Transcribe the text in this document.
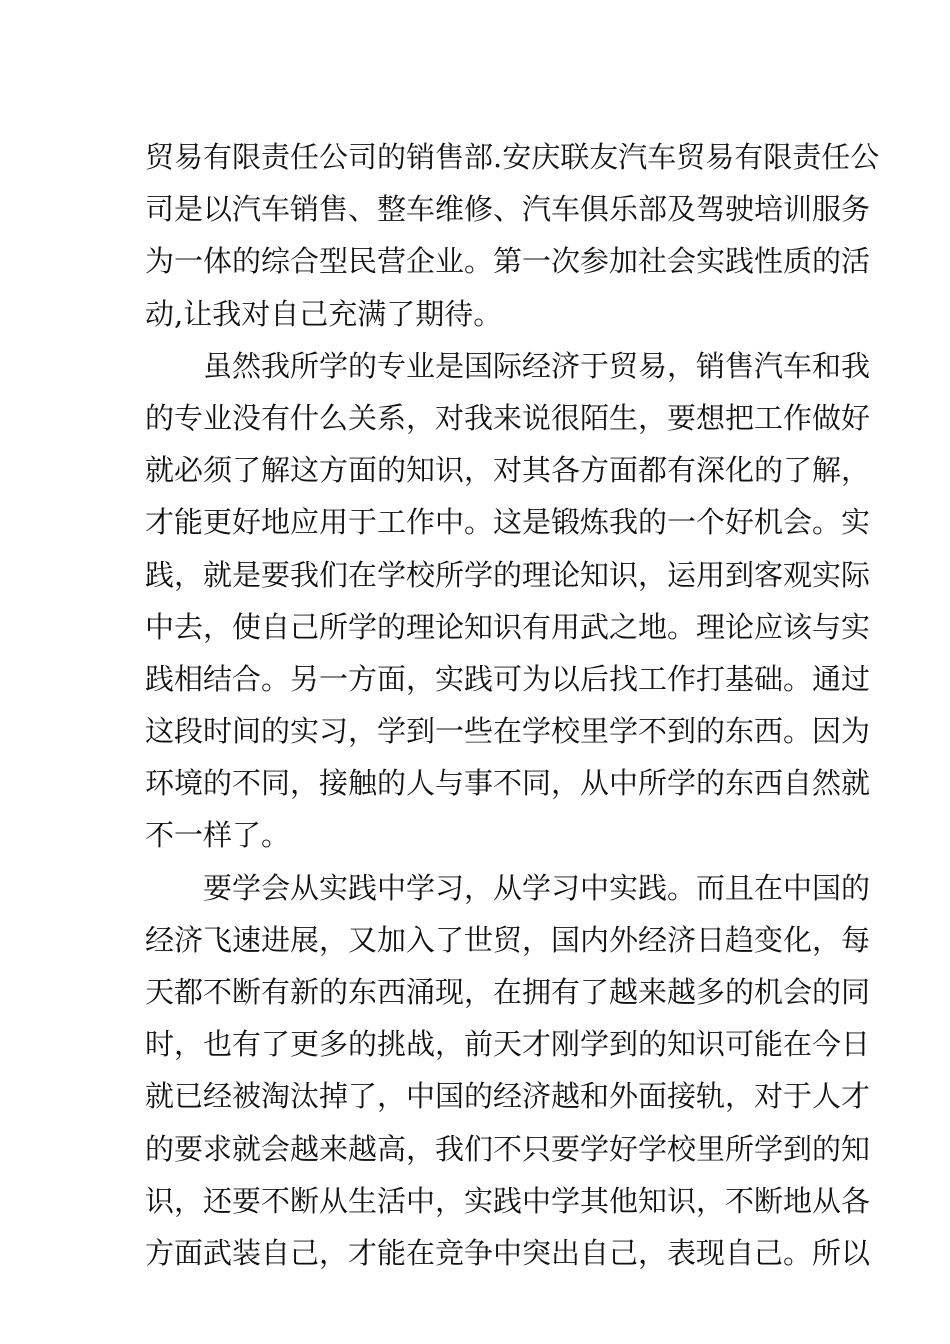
贸易有限责任公司的销售部.安庆联友汽车贸易有限责任公

司是以汽车销售、整车维修、汽车俱乐部及驾驶培训服务

为一体的综合型民营企业。第一次参加社会实践性质的活

动,让我对自己充满了期待。

虽然我所学的专业是国际经济于贸易，销售汽车和我

的专业没有什么关系，对我来说很陌生，要想把工作做好

就必须了解这方面的知识，对其各方面都有深化的了解，

才能更好地应用于工作中。这是锻炼我的一个好机会。实

践，就是要我们在学校所学的理论知识，运用到客观实际

中去，使自己所学的理论知识有用武之地。理论应该与实

践相结合。另一方面，实践可为以后找工作打基础。通过

这段时间的实习，学到一些在学校里学不到的东西。因为

环境的不同，接触的人与事不同，从中所学的东西自然就

不一样了。

要学会从实践中学习，从学习中实践。而且在中国的

经济飞速进展，又加入了世贸，国内外经济日趋变化，每

天都不断有新的东西涌现，在拥有了越来越多的机会的同

时，也有了更多的挑战，前天才刚学到的知识可能在今日

就已经被淘汰掉了，中国的经济越和外面接轨，对于人才

的要求就会越来越高，我们不只要学好学校里所学到的知

识，还要不断从生活中，实践中学其他知识，不断地从各

方面武装自己，才能在竞争中突出自己，表现自己。所以
